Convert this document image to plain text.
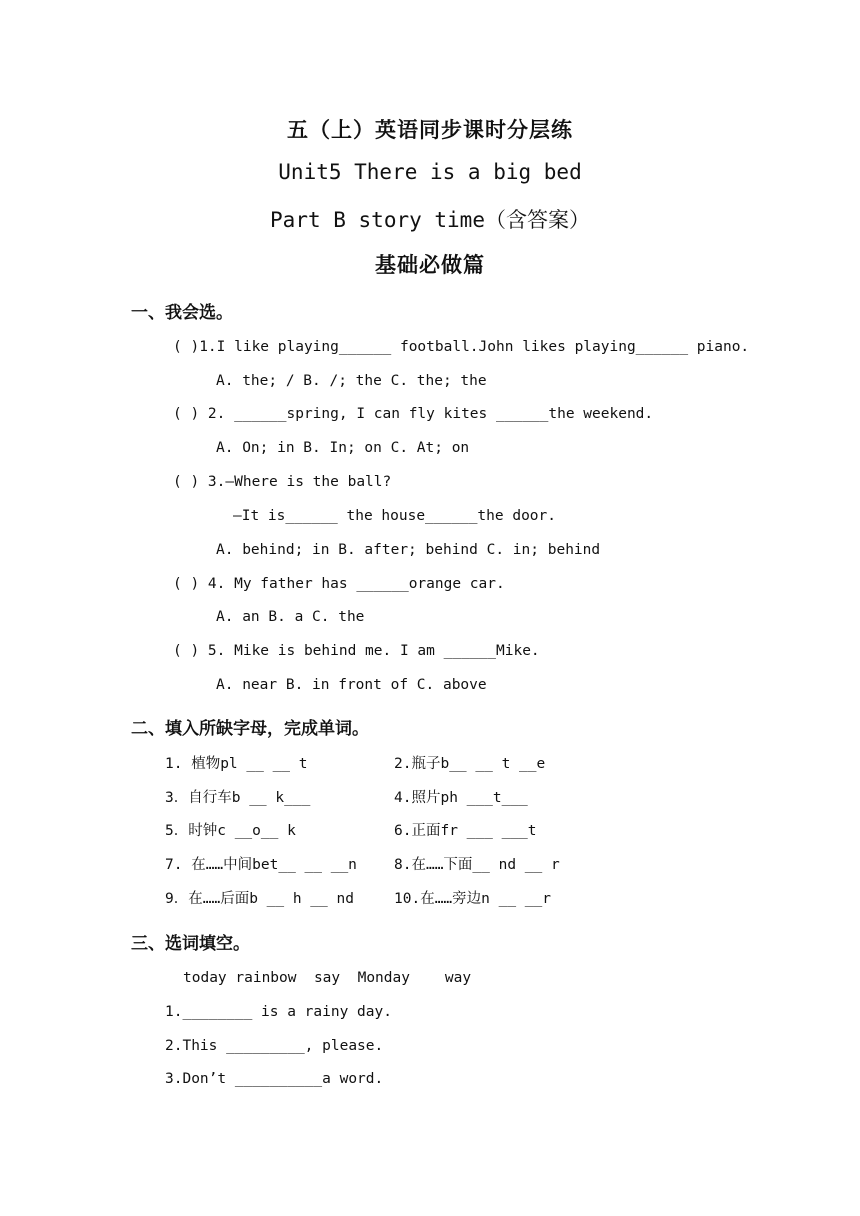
五（上）英语同步课时分层练
Unit5 There is a big bed
Part B story time（含答案）
基础必做篇
一、我会选。
( )1.I like playing______ football.John likes playing______ piano.
A. the; / B. /; the C. the; the
( ) 2. ______spring, I can fly kites ______the weekend.
A. On; in B. In; on C. At; on
( ) 3.—Where is the ball?
—It is______ the house______the door.
A. behind; in B. after; behind C. in; behind
( ) 4. My father has ______orange car.
A. an B. a C. the
( ) 5. Mike is behind me. I am ______Mike.
A. near B. in front of C. above
二、填入所缺字母，完成单词。
1. 植物pl __ __ t	2.瓶子b__ __ t __e
3．自行车b __ k___	4.照片ph ___t___
5．时钟c __o__ k	6.正面fr ___ ___t
7. 在……中间bet__ __ __n	8.在……下面__ nd __ r
9．在……后面b __ h __ nd	10.在……旁边n __ __r
三、选词填空。
today rainbow  say  Monday    way
1.________ is a rainy day.
2.This _________, please.
3.Don’t __________a word.
